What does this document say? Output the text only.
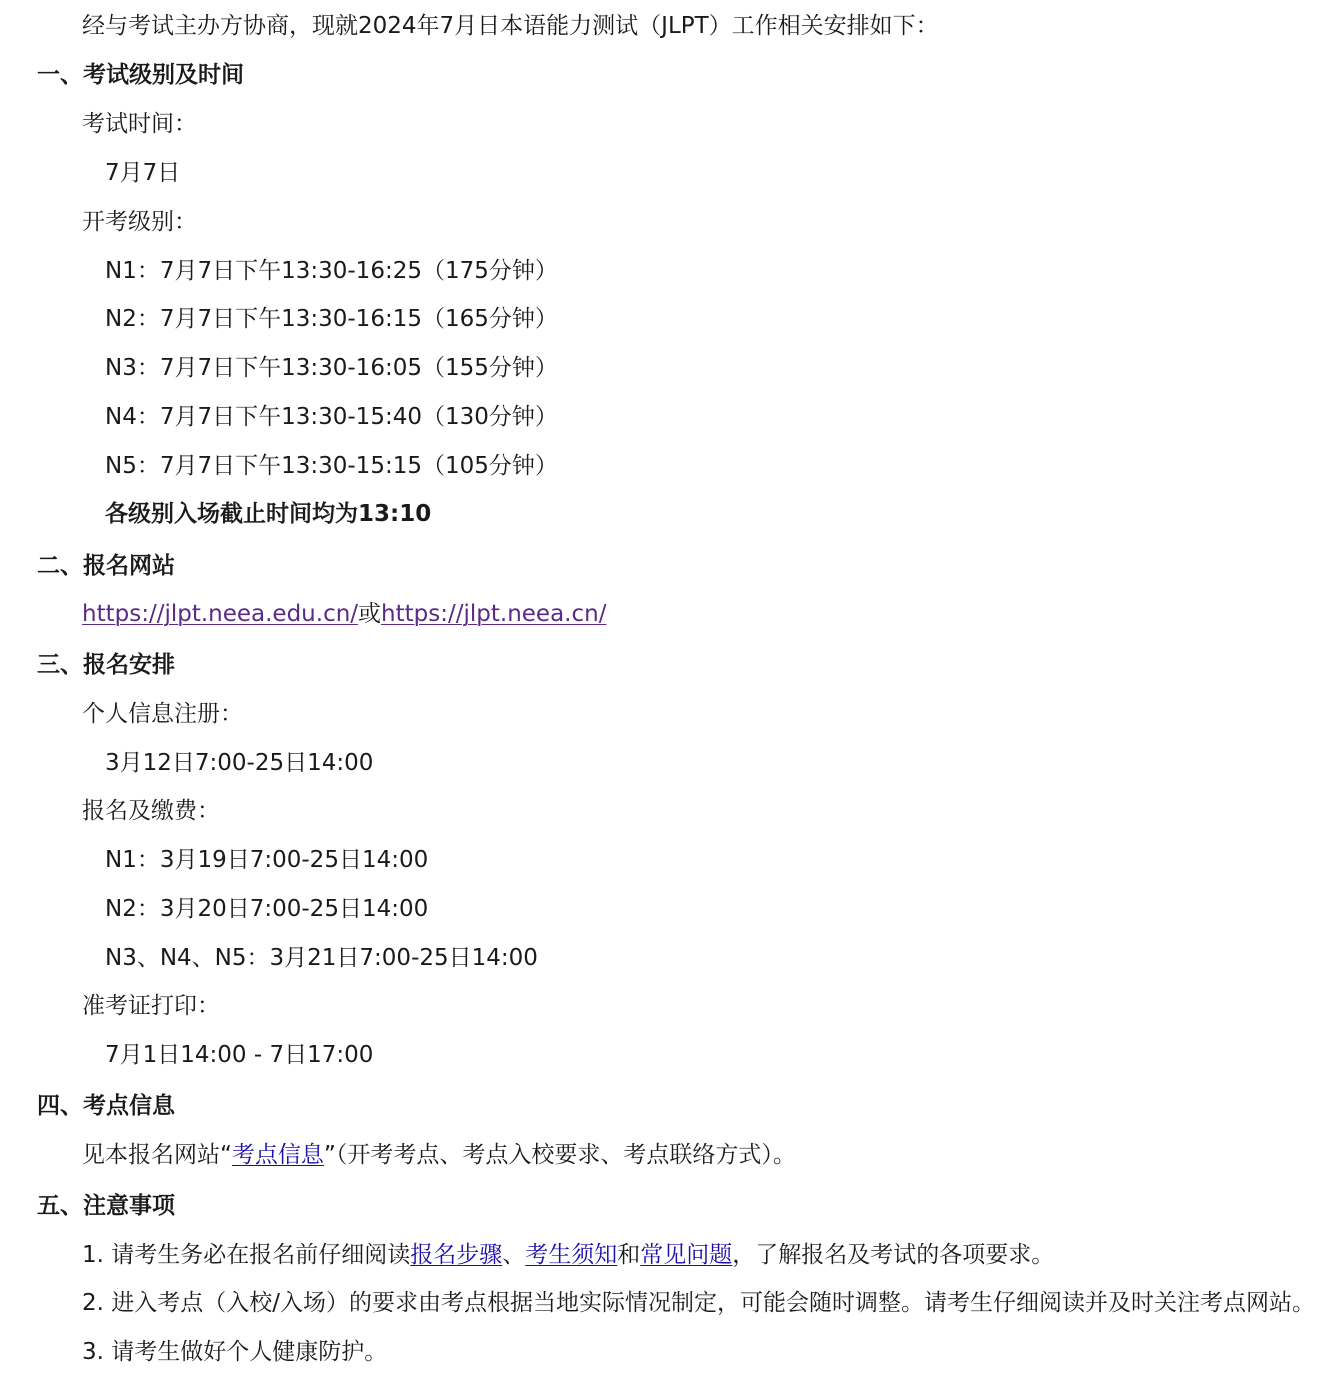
经与考试主办方协商，现就2024年7月日本语能力测试（JLPT）工作相关安排如下：
一、考试级别及时间
考试时间：
7月7日
开考级别：
N1：7月7日下午13:30-16:25（175分钟）
N2：7月7日下午13:30-16:15（165分钟）
N3：7月7日下午13:30-16:05（155分钟）
N4：7月7日下午13:30-15:40（130分钟）
N5：7月7日下午13:30-15:15（105分钟）
各级别入场截止时间均为13:10
二、报名网站
https://jlpt.neea.edu.cn/或https://jlpt.neea.cn/
三、报名安排
个人信息注册：
3月12日7:00-25日14:00
报名及缴费：
N1：3月19日7:00-25日14:00
N2：3月20日7:00-25日14:00
N3、N4、N5：3月21日7:00-25日14:00
准考证打印：
7月1日14:00 - 7日17:00
四、考点信息
见本报名网站“考点信息”（开考考点、考点入校要求、考点联络方式）。
五、注意事项
1. 请考生务必在报名前仔细阅读报名步骤、考生须知和常见问题，了解报名及考试的各项要求。
2. 进入考点（入校/入场）的要求由考点根据当地实际情况制定，可能会随时调整。请考生仔细阅读并及时关注考点网站。
3. 请考生做好个人健康防护。
